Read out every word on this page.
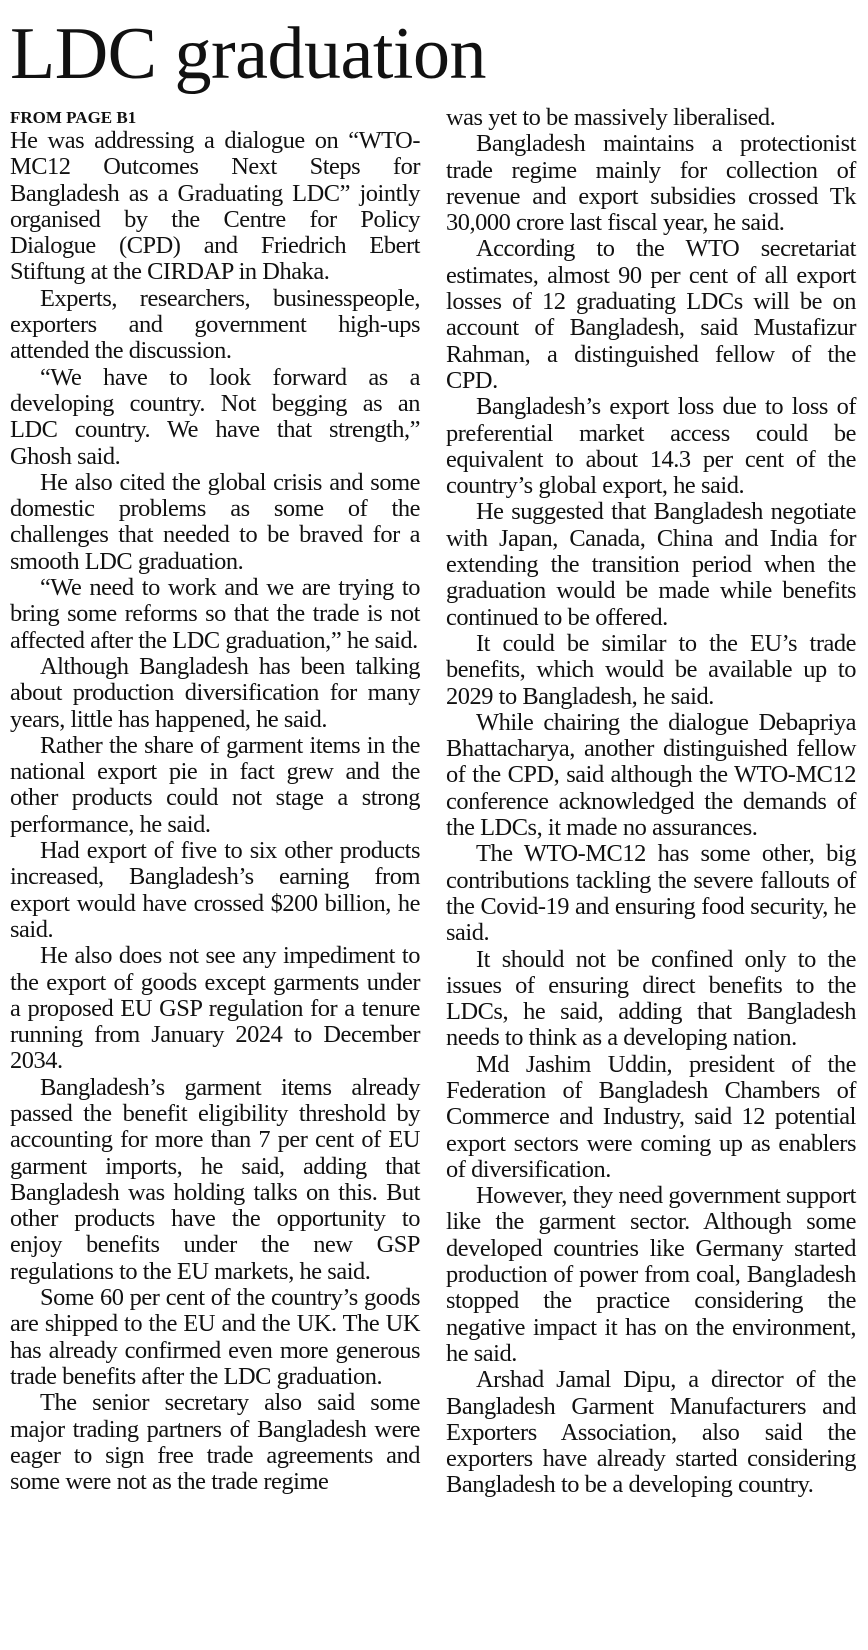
LDC graduation
FROM PAGE B1

He was addressing a dialogue on “WTO-MC12 Outcomes Next Steps for Bangladesh as a Graduating LDC” jointly organised by the Centre for Policy Dialogue (CPD) and Friedrich Ebert Stiftung at the CIRDAP in Dhaka.

Experts, researchers, businesspeople, exporters and government high-ups attended the discussion.

“We have to look forward as a developing country. Not begging as an LDC country. We have that strength,” Ghosh said.

He also cited the global crisis and some domestic problems as some of the challenges that needed to be braved for a smooth LDC graduation.

“We need to work and we are trying to bring some reforms so that the trade is not affected after the LDC graduation,” he said.

Although Bangladesh has been talking about production diversification for many years, little has happened, he said.

Rather the share of garment items in the national export pie in fact grew and the other products could not stage a strong performance, he said.

Had export of five to six other products increased, Bangladesh’s earning from export would have crossed $200 billion, he said.

He also does not see any impediment to the export of goods except garments under a proposed EU GSP regulation for a tenure running from January 2024 to December 2034.

Bangladesh’s garment items already passed the benefit eligibility threshold by accounting for more than 7 per cent of EU garment imports, he said, adding that Bangladesh was holding talks on this. But other products have the opportunity to enjoy benefits under the new GSP regulations to the EU markets, he said.

Some 60 per cent of the country’s goods are shipped to the EU and the UK. The UK has already confirmed even more generous trade benefits after the LDC graduation.

The senior secretary also said some major trading partners of Bangladesh were eager to sign free trade agreements and some were not as the trade regime

was yet to be massively liberalised.

Bangladesh maintains a protectionist trade regime mainly for collection of revenue and export subsidies crossed Tk 30,000 crore last fiscal year, he said.

According to the WTO secretariat estimates, almost 90 per cent of all export losses of 12 graduating LDCs will be on account of Bangladesh, said Mustafizur Rahman, a distinguished fellow of the CPD.

Bangladesh’s export loss due to loss of preferential market access could be equivalent to about 14.3 per cent of the country’s global export, he said.

He suggested that Bangladesh negotiate with Japan, Canada, China and India for extending the transition period when the graduation would be made while benefits continued to be offered.

It could be similar to the EU’s trade benefits, which would be available up to 2029 to Bangladesh, he said.

While chairing the dialogue Debapriya Bhattacharya, another distinguished fellow of the CPD, said although the WTO-MC12 conference acknowledged the demands of the LDCs, it made no assurances.

The WTO-MC12 has some other, big contributions tackling the severe fallouts of the Covid-19 and ensuring food security, he said.

It should not be confined only to the issues of ensuring direct benefits to the LDCs, he said, adding that Bangladesh needs to think as a developing nation.

Md Jashim Uddin, president of the Federation of Bangladesh Chambers of Commerce and Industry, said 12 potential export sectors were coming up as enablers of diversification.

However, they need government support like the garment sector. Although some developed countries like Germany started production of power from coal, Bangladesh stopped the practice considering the negative impact it has on the environment, he said.

Arshad Jamal Dipu, a director of the Bangladesh Garment Manufacturers and Exporters Association, also said the exporters have already started considering Bangladesh to be a developing country.
